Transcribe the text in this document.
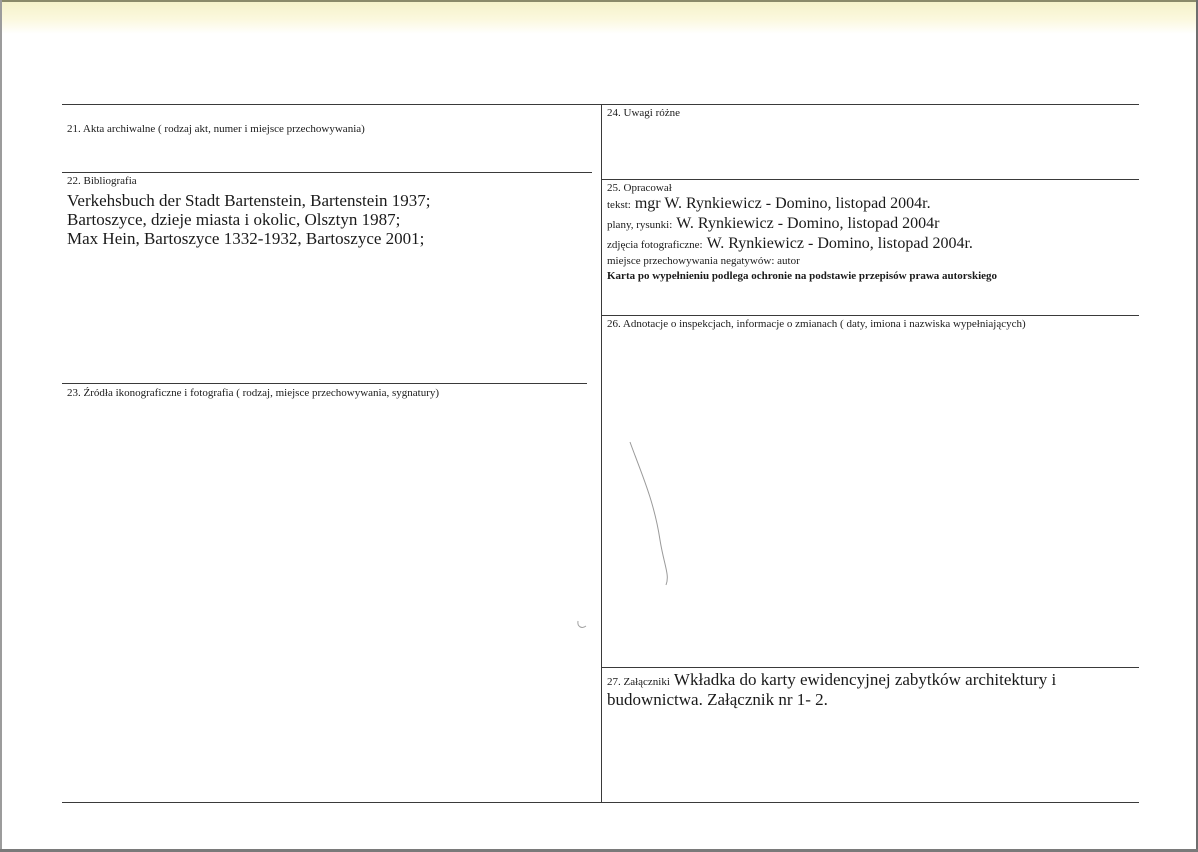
21. Akta archiwalne ( rodzaj akt, numer i miejsce przechowywania)
22. Bibliografia
Verkehsbuch der Stadt Bartenstein, Bartenstein 1937;
Bartoszyce, dzieje miasta i okolic, Olsztyn 1987;
Max Hein, Bartoszyce 1332-1932, Bartoszyce 2001;
23. Źródła ikonograficzne i fotografia ( rodzaj, miejsce przechowywania, sygnatury)
24. Uwagi różne
25. Opracował
tekst: mgr W. Rynkiewicz - Domino, listopad 2004r.
plany, rysunki: W. Rynkiewicz - Domino, listopad 2004r
zdjęcia fotograficzne: W. Rynkiewicz - Domino, listopad 2004r.
miejsce przechowywania negatywów: autor
Karta po wypełnieniu podlega ochronie na podstawie przepisów prawa autorskiego
26. Adnotacje o inspekcjach, informacje o zmianach ( daty, imiona i nazwiska wypełniających)
27. Załączniki Wkładka do karty ewidencyjnej zabytków architektury i
budownictwa. Załącznik nr 1- 2.
